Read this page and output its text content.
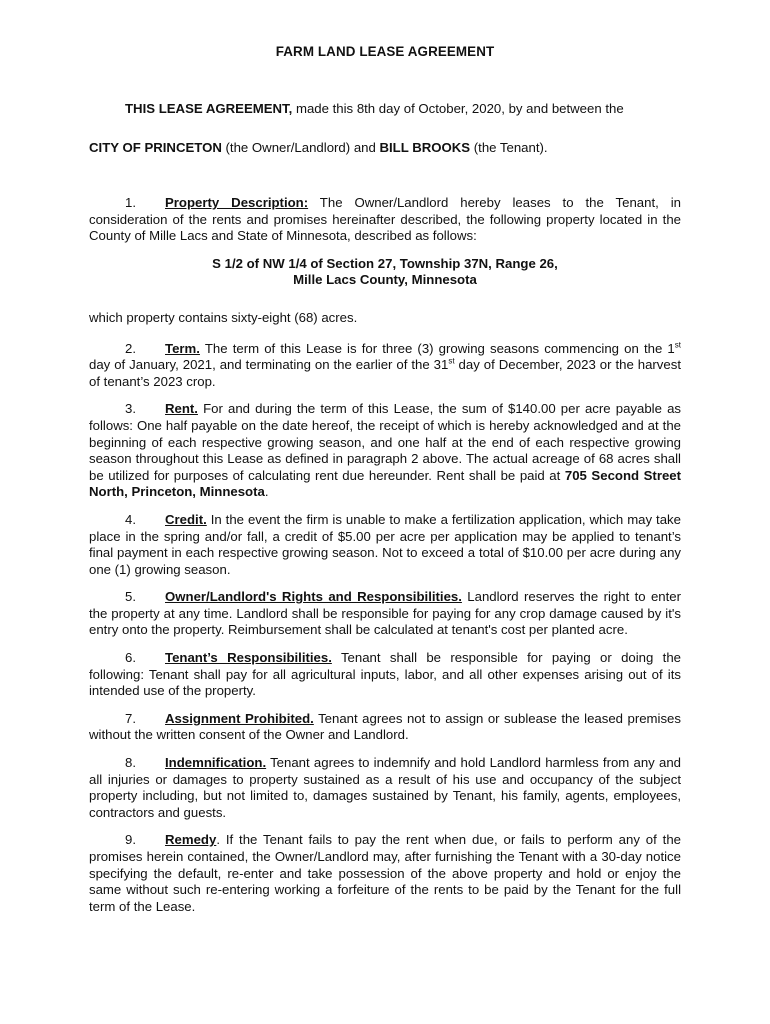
FARM LAND LEASE AGREEMENT

THIS LEASE AGREEMENT, made this 8th day of October, 2020, by and between the
CITY OF PRINCETON (the Owner/Landlord) and BILL BROOKS (the Tenant).

1. Property Description: The Owner/Landlord hereby leases to the Tenant, in consideration of the rents and promises hereinafter described, the following property located in the County of Mille Lacs and State of Minnesota, described as follows:

S 1/2 of NW 1/4 of Section 27, Township 37N, Range 26,
Mille Lacs County, Minnesota

which property contains sixty-eight (68) acres.

2. Term. The term of this Lease is for three (3) growing seasons commencing on the 1st day of January, 2021, and terminating on the earlier of the 31st day of December, 2023 or the harvest of tenant’s 2023 crop.

3. Rent. For and during the term of this Lease, the sum of $140.00 per acre payable as follows: One half payable on the date hereof, the receipt of which is hereby acknowledged and at the beginning of each respective growing season, and one half at the end of each respective growing season throughout this Lease as defined in paragraph 2 above. The actual acreage of 68 acres shall be utilized for purposes of calculating rent due hereunder. Rent shall be paid at 705 Second Street North, Princeton, Minnesota.

4. Credit. In the event the firm is unable to make a fertilization application, which may take place in the spring and/or fall, a credit of $5.00 per acre per application may be applied to tenant’s final payment in each respective growing season. Not to exceed a total of $10.00 per acre during any one (1) growing season.

5. Owner/Landlord's Rights and Responsibilities. Landlord reserves the right to enter the property at any time. Landlord shall be responsible for paying for any crop damage caused by it's entry onto the property. Reimbursement shall be calculated at tenant's cost per planted acre.

6. Tenant’s Responsibilities. Tenant shall be responsible for paying or doing the following: Tenant shall pay for all agricultural inputs, labor, and all other expenses arising out of its intended use of the property.

7. Assignment Prohibited. Tenant agrees not to assign or sublease the leased premises without the written consent of the Owner and Landlord.

8. Indemnification. Tenant agrees to indemnify and hold Landlord harmless from any and all injuries or damages to property sustained as a result of his use and occupancy of the subject property including, but not limited to, damages sustained by Tenant, his family, agents, employees, contractors and guests.

9. Remedy. If the Tenant fails to pay the rent when due, or fails to perform any of the promises herein contained, the Owner/Landlord may, after furnishing the Tenant with a 30-day notice specifying the default, re-enter and take possession of the above property and hold or enjoy the same without such re-entering working a forfeiture of the rents to be paid by the Tenant for the full term of the Lease.
